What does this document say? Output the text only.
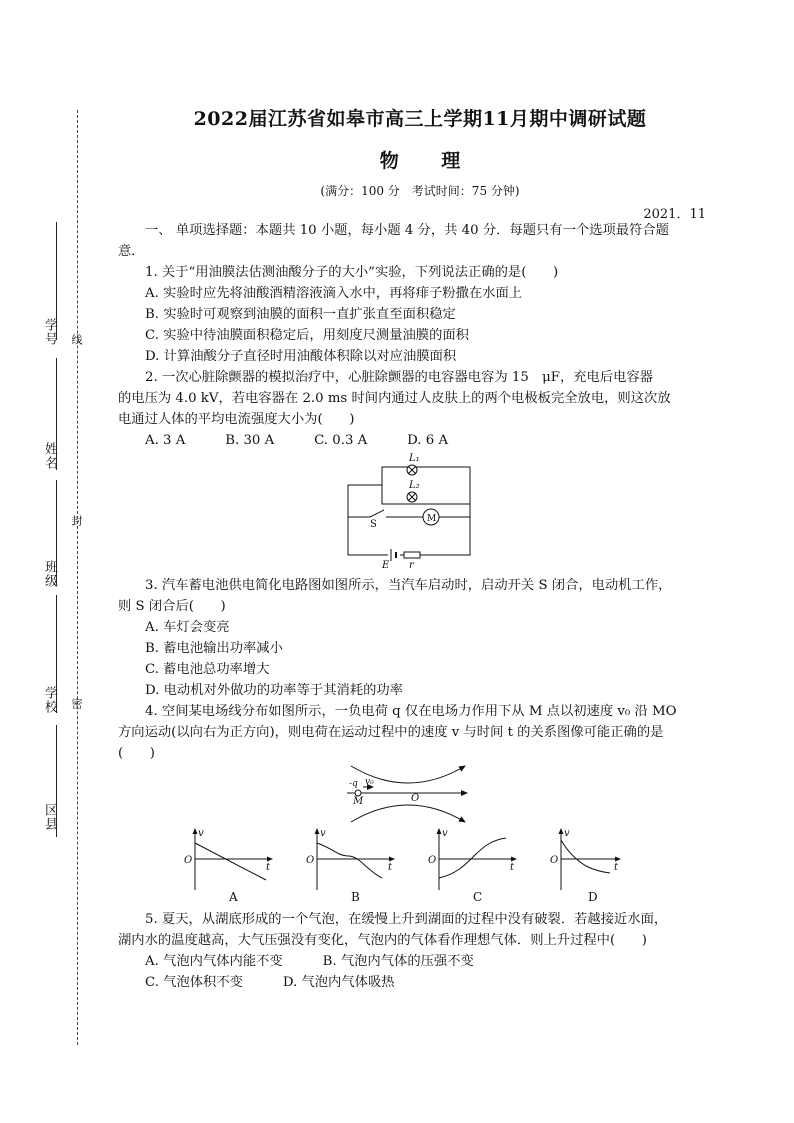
学号
姓名
班级
学校
区县
线
封
密
2022届江苏省如皋市高三上学期11月期中调研试题
物 理
(满分：100 分　考试时间：75 分钟)
2021．11
一、 单项选择题：本题共 10 小题，每小题 4 分，共 40 分．每题只有一个选项最符合题
意．
1. 关于“用油膜法估测油酸分子的大小”实验，下列说法正确的是(　　)
A. 实验时应先将油酸酒精溶液滴入水中，再将痱子粉撒在水面上
B. 实验时可观察到油膜的面积一直扩张直至面积稳定
C. 实验中待油膜面积稳定后，用刻度尺测量油膜的面积
D. 计算油酸分子直径时用油酸体积除以对应油膜面积
2. 一次心脏除颤器的模拟治疗中，心脏除颤器的电容器电容为 15　μF，充电后电容器
的电压为 4.0 kV，若电容器在 2.0 ms 时间内通过人皮肤上的两个电极板完全放电，则这次放
电通过人体的平均电流强度大小为(　　)
A. 3 A　　　B. 30 A　　　C. 0.3 A　　　D. 6 A
L₁
L₂
S	M
E r
3. 汽车蓄电池供电简化电路图如图所示，当汽车启动时，启动开关 S 闭合，电动机工作，
则 S 闭合后(　　)
A. 车灯会变亮
B. 蓄电池输出功率减小
C. 蓄电池总功率增大
D. 电动机对外做功的功率等于其消耗的功率
4. 空间某电场线分布如图所示，一负电荷 q 仅在电场力作用下从 M 点以初速度 v₀ 沿 MO
方向运动(以向右为正方向)，则电荷在运动过程中的速度 v 与时间 t 的关系图像可能正确的是
(　　)
-q v₀
M	O
v
O
t
A
v
O
t
B
v
O
t
C
v
O
t
D
5. 夏天，从湖底形成的一个气泡，在缓慢上升到湖面的过程中没有破裂．若越接近水面，
湖内水的温度越高，大气压强没有变化，气泡内的气体看作理想气体．则上升过程中(　　)
A. 气泡内气体内能不变　　　B. 气泡内气体的压强不变
C. 气泡体积不变　　　D. 气泡内气体吸热
